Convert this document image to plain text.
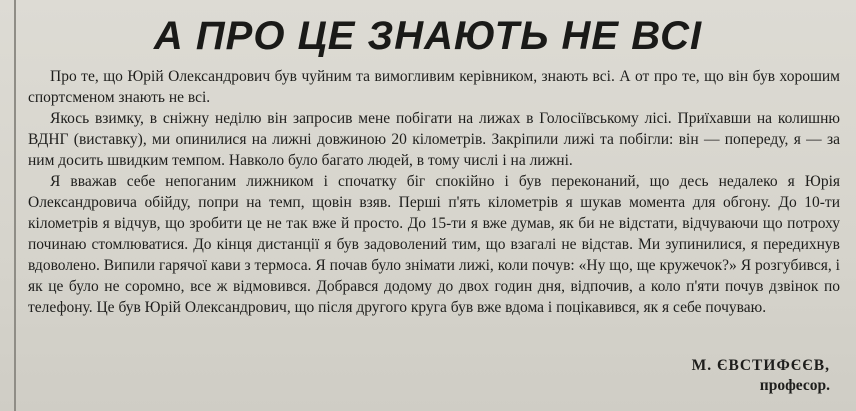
А ПРО ЦЕ ЗНАЮТЬ НЕ ВСІ

Про те, що Юрій Олександрович був чуйним та вимогливим керівником, знають всі. А от про те, що він був хорошим спортсменом знають не всі.

Якось взимку, в сніжну неділю він запросив мене побігати на лижах в Голосіївському лісі. Приїхавши на колишню ВДНГ (виставку), ми опинилися на лижні довжиною 20 кілометрів. Закріпили лижі та побігли: він — попереду, я — за ним досить швидким темпом. Навколо було багато людей, в тому числі і на лижні.

Я вважав себе непоганим лижником і спочатку біг спокійно і був переконаний, що десь недалеко я Юрія Олександровича обійду, попри на темп, щовін взяв. Перші п'ять кілометрів я шукав момента для обгону. До 10-ти кілометрів я відчув, що зробити це не так вже й просто. До 15-ти я вже думав, як би не відстати, відчуваючи що потроху починаю стомлюватися. До кінця дистанції я був задоволений тим, що взагалі не відстав. Ми зупинилися, я передихнув вдоволено. Випили гарячої кави з термоса. Я почав було знімати лижі, коли почув: «Ну що, ще кружечок?» Я розгубився, і як це було не соромно, все ж відмовився. Добрався додому до двох годин дня, відпочив, а коло п'яти почув дзвінок по телефону. Це був Юрій Олександрович, що після другого круга був вже вдома і поцікавився, як я себе почуваю.

М. ЄВСТИФЄЄВ,
професор.
